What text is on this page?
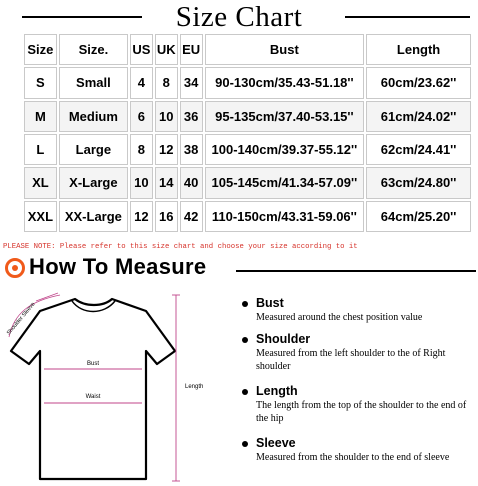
Size Chart
Size	Size.	US	UK	EU	Bust	Length
S	Small	4	8	34	90-130cm/35.43-51.18''	60cm/23.62''
M	Medium	6	10	36	95-135cm/37.40-53.15''	61cm/24.02''
L	Large	8	12	38	100-140cm/39.37-55.12''	62cm/24.41''
XL	X-Large	10	14	40	105-145cm/41.34-57.09''	63cm/24.80''
XXL	XX-Large	12	16	42	110-150cm/43.31-59.06''	64cm/25.20''
PLEASE NOTE: Please refer to this size chart and choose your size according to it
How To Measure
Shoulder Sleeve
Bust
Waist
Length
Bust
Measured around the chest position value
Shoulder
Measured from the left shoulder to the of Right shoulder
Length
The length from the top of the shoulder to the end of the hip
Sleeve
Measured from the shoulder to the end of sleeve
